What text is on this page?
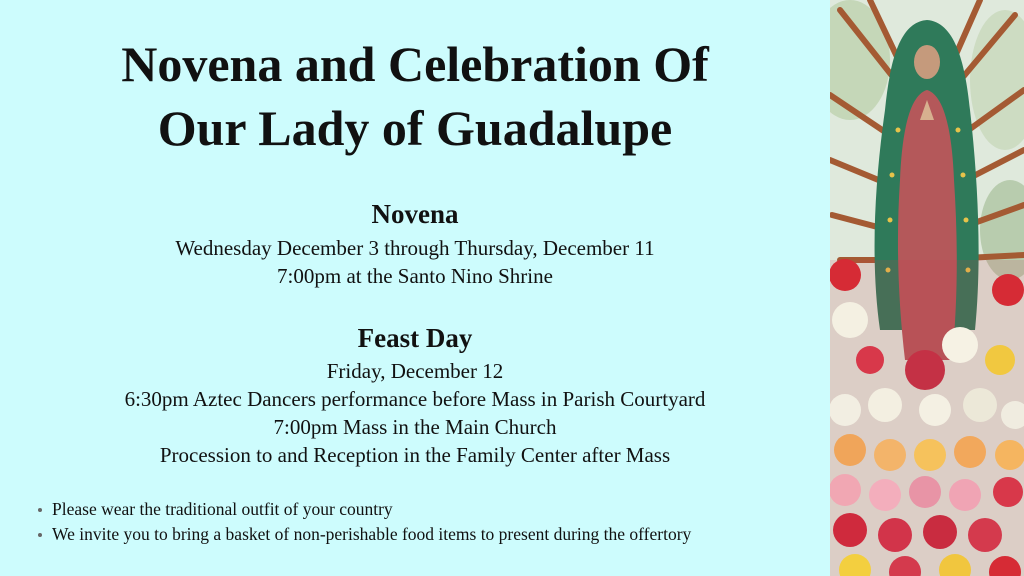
Novena and Celebration Of
Our Lady of Guadalupe
Novena

Wednesday December 3 through Thursday, December 11

7:00pm at the Santo Nino Shrine

Feast Day

Friday, December 12

6:30pm Aztec Dancers performance before Mass in Parish Courtyard

7:00pm Mass in the Main Church

Procession to and Reception in the Family Center after Mass

Please wear the traditional outfit of your country
We invite you to bring a basket of non-perishable food items to present during the offertory
